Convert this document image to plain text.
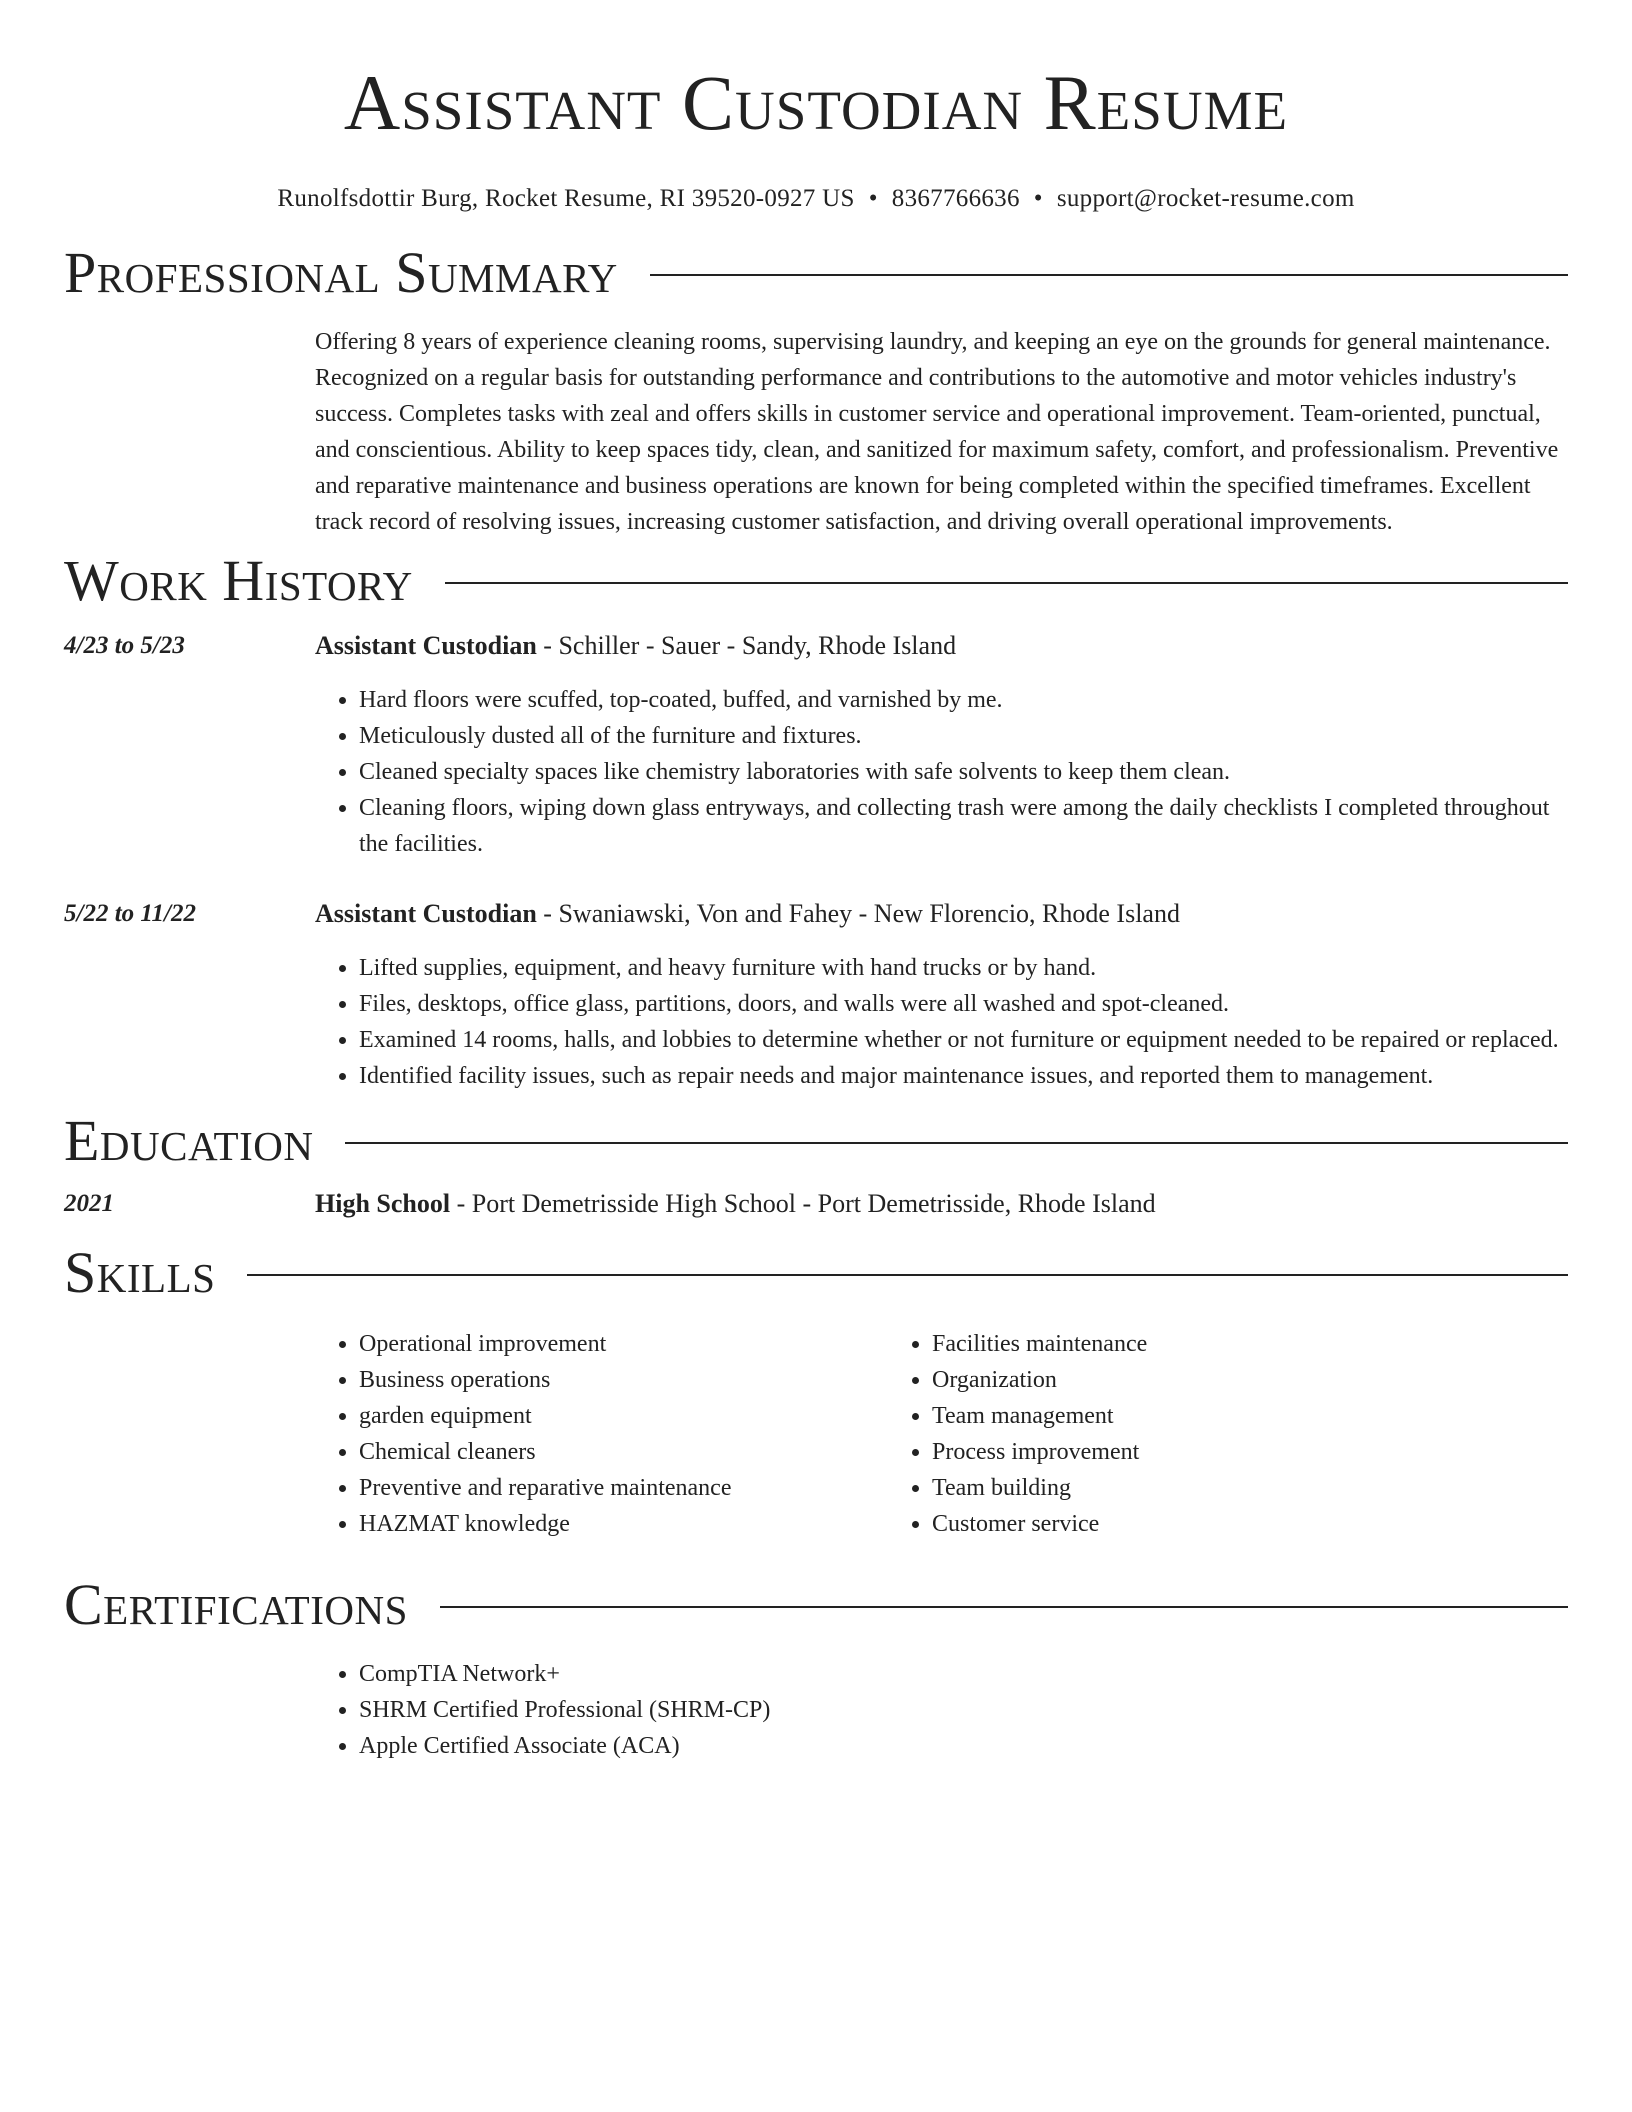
Assistant Custodian Resume
Runolfsdottir Burg, Rocket Resume, RI 39520-0927 US • 8367766636 • support@rocket-resume.com
Professional Summary

Offering 8 years of experience cleaning rooms, supervising laundry, and keeping an eye on the grounds for general maintenance. Recognized on a regular basis for outstanding performance and contributions to the automotive and motor vehicles industry's success. Completes tasks with zeal and offers skills in customer service and operational improvement. Team-oriented, punctual, and conscientious. Ability to keep spaces tidy, clean, and sanitized for maximum safety, comfort, and professionalism. Preventive and reparative maintenance and business operations are known for being completed within the specified timeframes. Excellent track record of resolving issues, increasing customer satisfaction, and driving overall operational improvements.

Work History
4/23 to 5/23	Assistant Custodian - Schiller - Sauer - Sandy, Rhode Island
• Hard floors were scuffed, top-coated, buffed, and varnished by me.
• Meticulously dusted all of the furniture and fixtures.
• Cleaned specialty spaces like chemistry laboratories with safe solvents to keep them clean.
• Cleaning floors, wiping down glass entryways, and collecting trash were among the daily checklists I completed throughout the facilities.
5/22 to 11/22	Assistant Custodian - Swaniawski, Von and Fahey - New Florencio, Rhode Island
• Lifted supplies, equipment, and heavy furniture with hand trucks or by hand.
• Files, desktops, office glass, partitions, doors, and walls were all washed and spot-cleaned.
• Examined 14 rooms, halls, and lobbies to determine whether or not furniture or equipment needed to be repaired or replaced.
• Identified facility issues, such as repair needs and major maintenance issues, and reported them to management.
Education
2021	High School - Port Demetrisside High School - Port Demetrisside, Rhode Island
Skills
• Operational improvement
• Business operations
• garden equipment
• Chemical cleaners
• Preventive and reparative maintenance
• HAZMAT knowledge
• Facilities maintenance
• Organization
• Team management
• Process improvement
• Team building
• Customer service
Certifications
• CompTIA Network+
• SHRM Certified Professional (SHRM-CP)
• Apple Certified Associate (ACA)
